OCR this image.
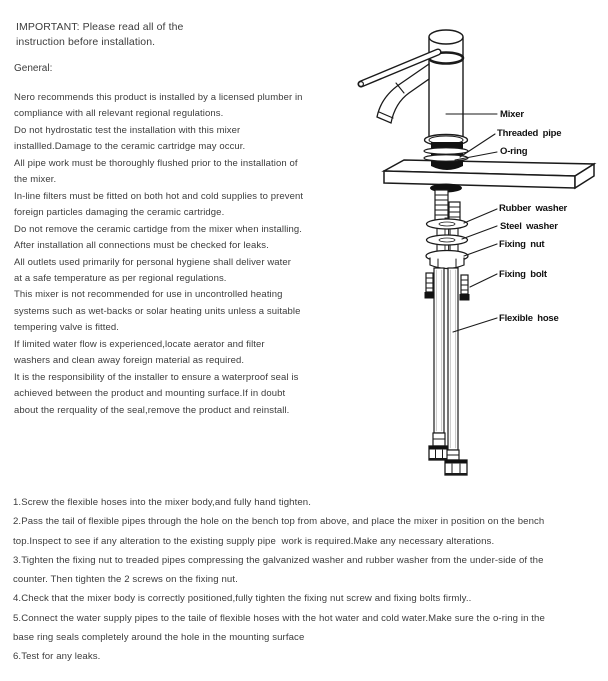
IMPORTANT: Please read all of the
instruction before installation.
General:
Nero recommends this product is installed by a licensed plumber in
compliance with all relevant regional regulations.
Do not hydrostatic test the installation with this mixer
installled.Damage to the ceramic cartridge may occur.
All pipe work must be thoroughly flushed prior to the installation of
the mixer.
In-line filters must be fitted on both hot and cold supplies to prevent
foreign particles damaging the ceramic cartridge.
Do not remove the ceramic cartidge from the mixer when installing.
After installation all connections must be checked for leaks.
All outlets used primarily for personal hygiene shall deliver water
at a safe temperature as per regional regulations.
This mixer is not recommended for use in uncontrolled heating
systems such as wet-backs or solar heating units unless a suitable
tempering valve is fitted.
If limited water flow is experienced,locate aerator and filter
washers and clean away foreign material as required.
It is the responsibility of the installer to ensure a waterproof seal is
achieved between the product and mounting surface.If in doubt
about the rerquality of the seal,remove the product and reinstall.
1.Screw the flexible hoses into the mixer body,and fully hand tighten.
2.Pass the tail of flexible pipes through the hole on the bench top from above, and place the mixer in position on the bench
top.Inspect to see if any alteration to the existing supply pipe  work is required.Make any necessary alterations.
3.Tighten the fixing nut to treaded pipes compressing the galvanized washer and rubber washer from the under-side of the
counter. Then tighten the 2 screws on the fixing nut.
4.Check that the mixer body is correctly positioned,fully tighten the fixing nut screw and fixing bolts firmly..
5.Connect the water supply pipes to the taile of flexible hoses with the hot water and cold water.Make sure the o-ring in the
base ring seals completely around the hole in the mounting surface
6.Test for any leaks.
Mixer
Threaded pipe
O-ring
Rubber washer
Steel washer
Fixing nut
Fixing bolt
Flexible hose
